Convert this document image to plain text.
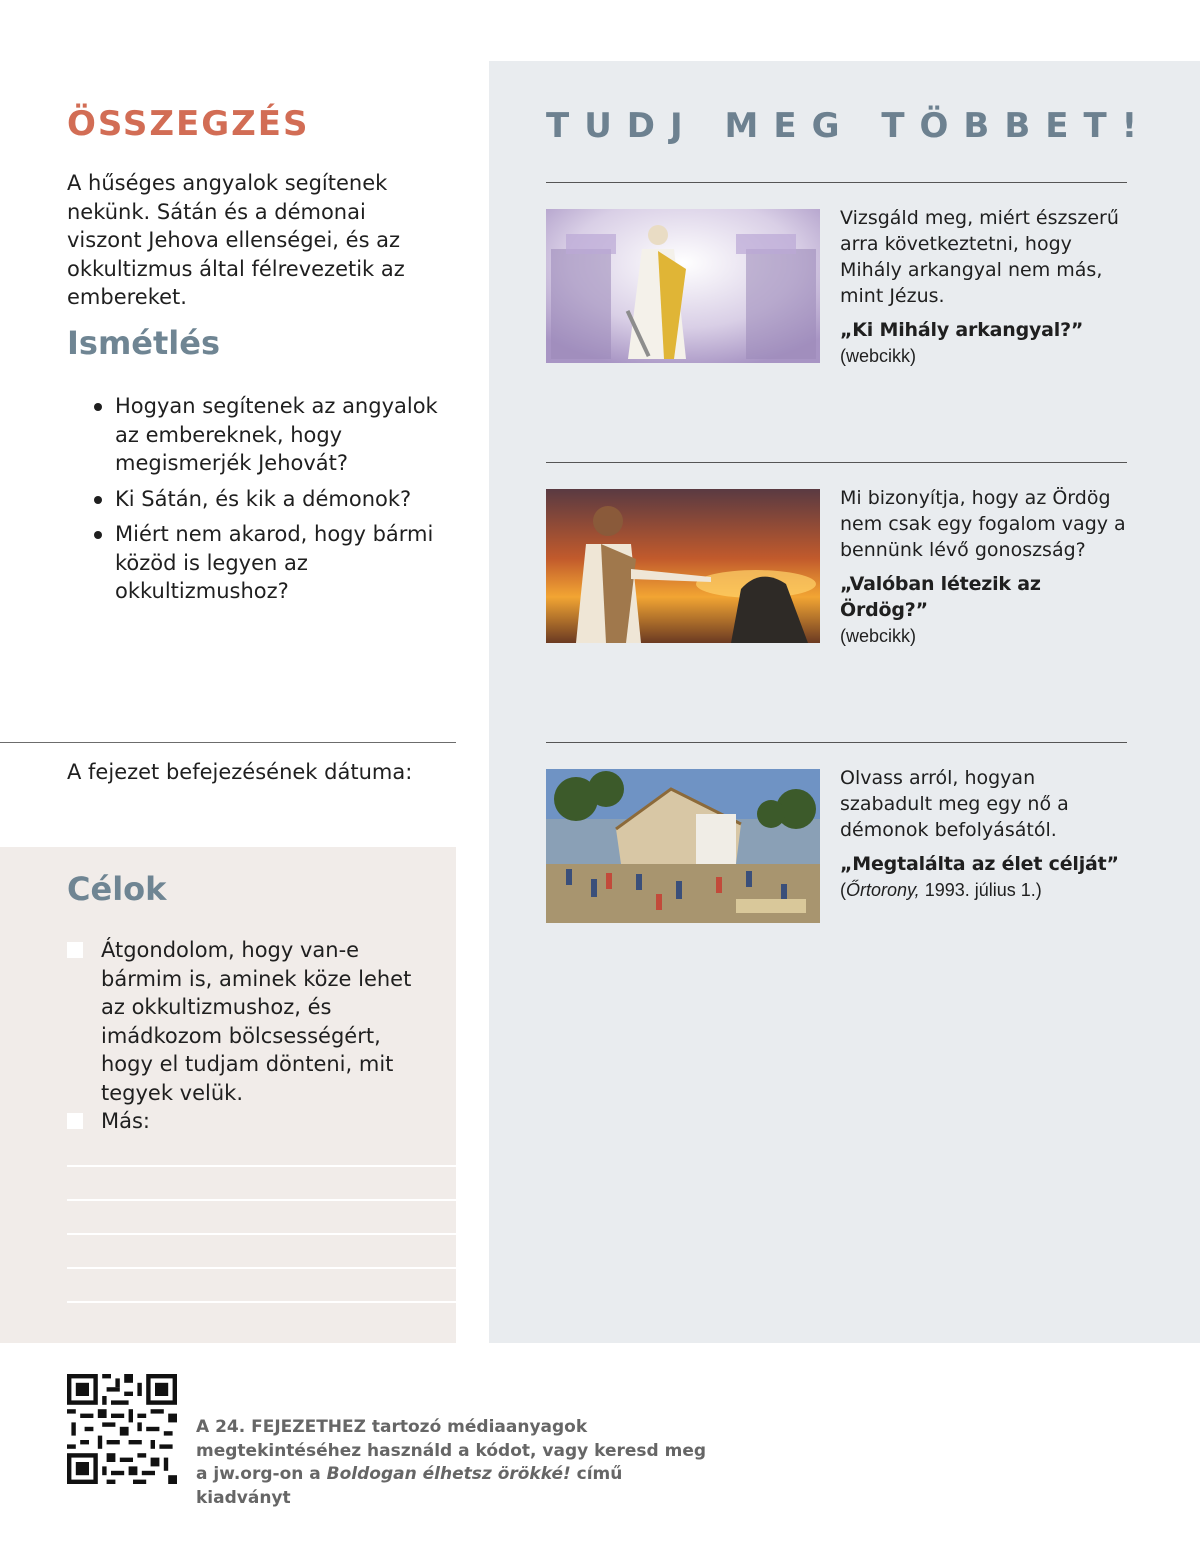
ÖSSZEGZÉS

A hűséges angyalok segítenek nekünk. Sátán és a démonai viszont Jehova ellenségei, és az okkultizmus által félrevezetik az embereket.

Ismétlés
Hogyan segítenek az angyalok az embereknek, hogy megismerjék Jehovát?
Ki Sátán, és kik a démonok?
Miért nem akarod, hogy bármi közöd is legyen az okkultizmushoz?

A fejezet befejezésének dátuma:

Célok
Átgondolom, hogy van-e bármim is, aminek köze lehet az okkultizmushoz, és imádkozom bölcsességért, hogy el tudjam dönteni, mit tegyek velük.
Más:
TUDJ MEG TÖBBET!

Vizsgáld meg, miért észszerű arra következtetni, hogy Mihály arkangyal nem más, mint Jézus.

„Ki Mihály arkangyal?”

(webcikk)

Mi bizonyítja, hogy az Ördög nem csak egy fogalom vagy a bennünk lévő gonoszság?

„Valóban létezik az Ördög?”

(webcikk)

Olvass arról, hogyan szabadult meg egy nő a démonok befolyásától.

„Megtalálta az élet célját”

(Őrtorony, 1993. július 1.)

A 24. FEJEZETHEZ tartozó médiaanyagok megtekintéséhez használd a kódot, vagy keresd meg a jw.org-on a Boldogan élhetsz örökké! című kiadványt
